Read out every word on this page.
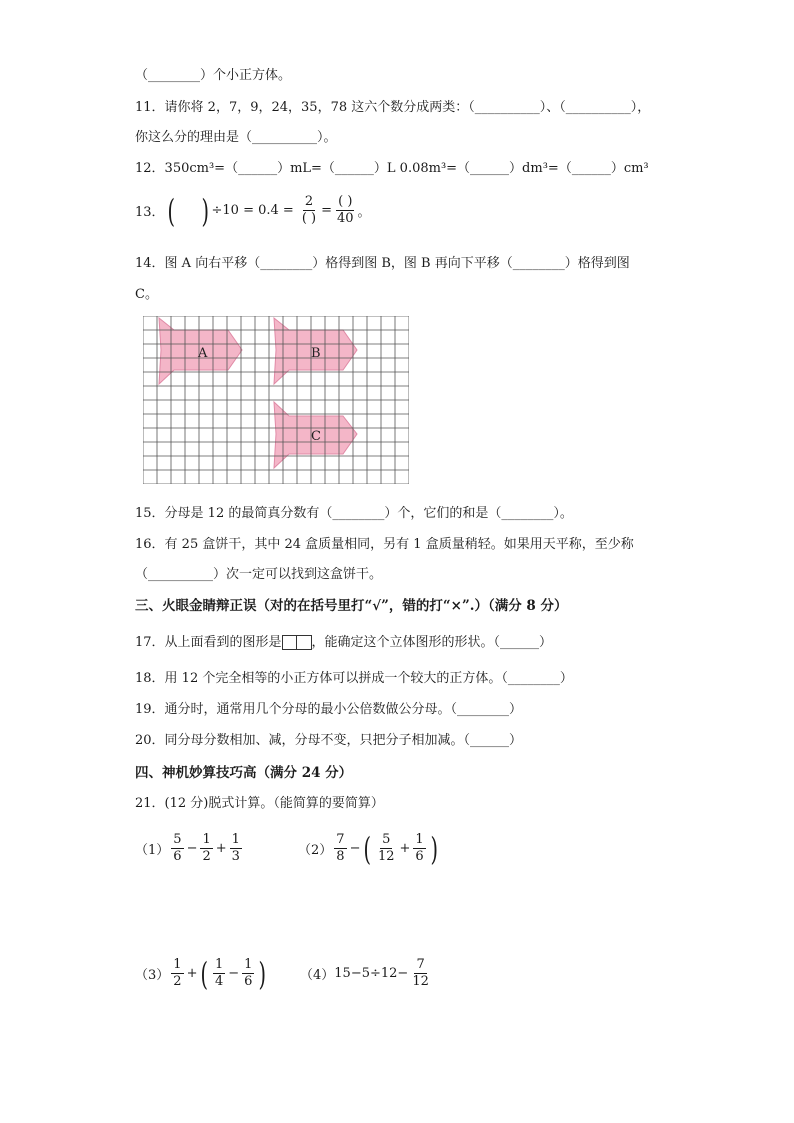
（________）个小正方体。
11．请你将 2，7，9，24，35，78 这六个数分成两类：（__________）、（__________），
你这么分的理由是（__________）。
12．350cm³=（______）mL=（______）L 0.08m³=（______）dm³=（______）cm³
13． ( ) $\div 10 = 0.4 = \frac{2}{( )} = \frac{( )}{40}$ 。
14．图 A 向右平移（________）格得到图 B，图 B 再向下平移（________）格得到图
C。
A	B
C
15．分母是 12 的最简真分数有（________）个，它们的和是（________）。
16．有 25 盒饼干，其中 24 盒质量相同，另有 1 盒质量稍轻。如果用天平称，至少称
（__________）次一定可以找到这盒饼干。
三、火眼金睛辩正误（对的在括号里打“√”，错的打“×”.）（满分 8 分）
17．从上面看到的图形是 ，能确定这个立体图形的形状。（______）
18．用 12 个完全相等的小正方体可以拼成一个较大的正方体。（________）
19．通分时，通常用几个分母的最小公倍数做公分母。（________）
20．同分母分数相加、减，分母不变，只把分子相加减。（______）
四、神机妙算技巧高（满分 24 分）
21．(12 分)脱式计算。（能简算的要简算）
$(1) \frac{5}{6} - \frac{1}{2} + \frac{1}{3}$	$(2) \frac{7}{8}$ − ( $\frac{5}{12} + \frac{1}{6}$ )
$(3) \frac{1}{2}$ + ( $\frac{1}{4} - \frac{1}{6}$ )	（4） $15-5\div 12- \frac{7}{12}$
